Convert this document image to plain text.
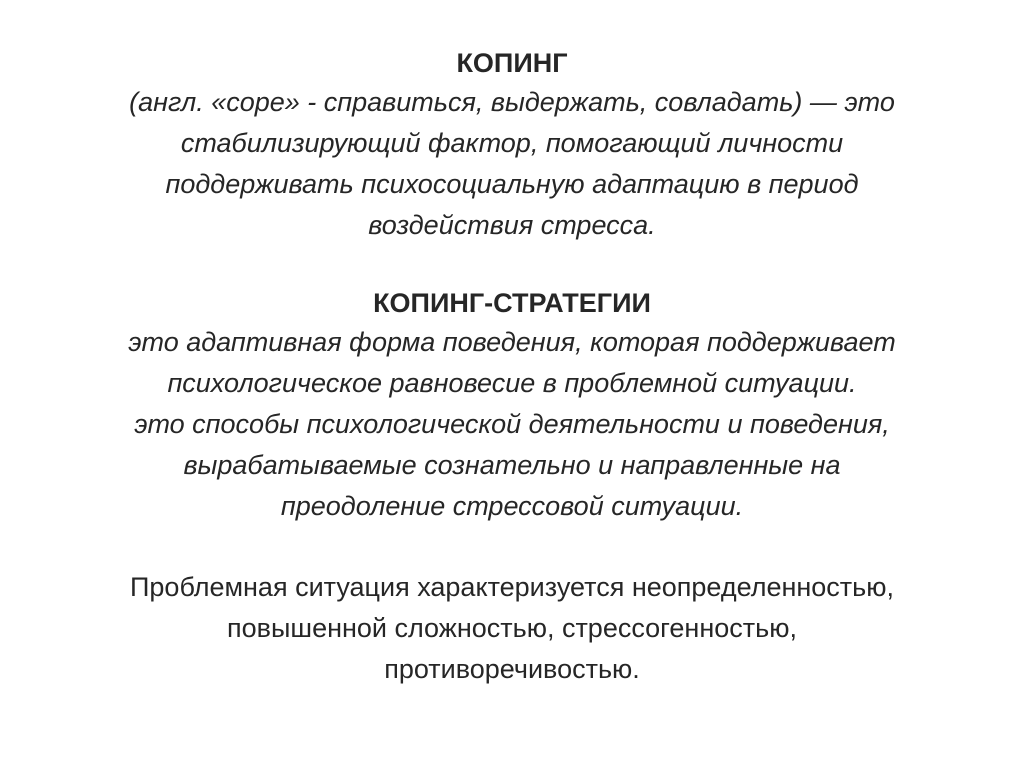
КОПИНГ

(англ. «cope» - справиться, выдержать, совладать) — это

стабилизирующий фактор, помогающий личности

поддерживать психосоциальную адаптацию в период

воздействия стресса.

КОПИНГ-СТРАТЕГИИ

это адаптивная форма поведения, которая поддерживает

психологическое равновесие в проблемной ситуации.

это способы психологической деятельности и поведения,

вырабатываемые сознательно и направленные на

преодоление стрессовой ситуации.

Проблемная ситуация характеризуется неопределенностью,

повышенной сложностью, стрессогенностью,

противоречивостью.
